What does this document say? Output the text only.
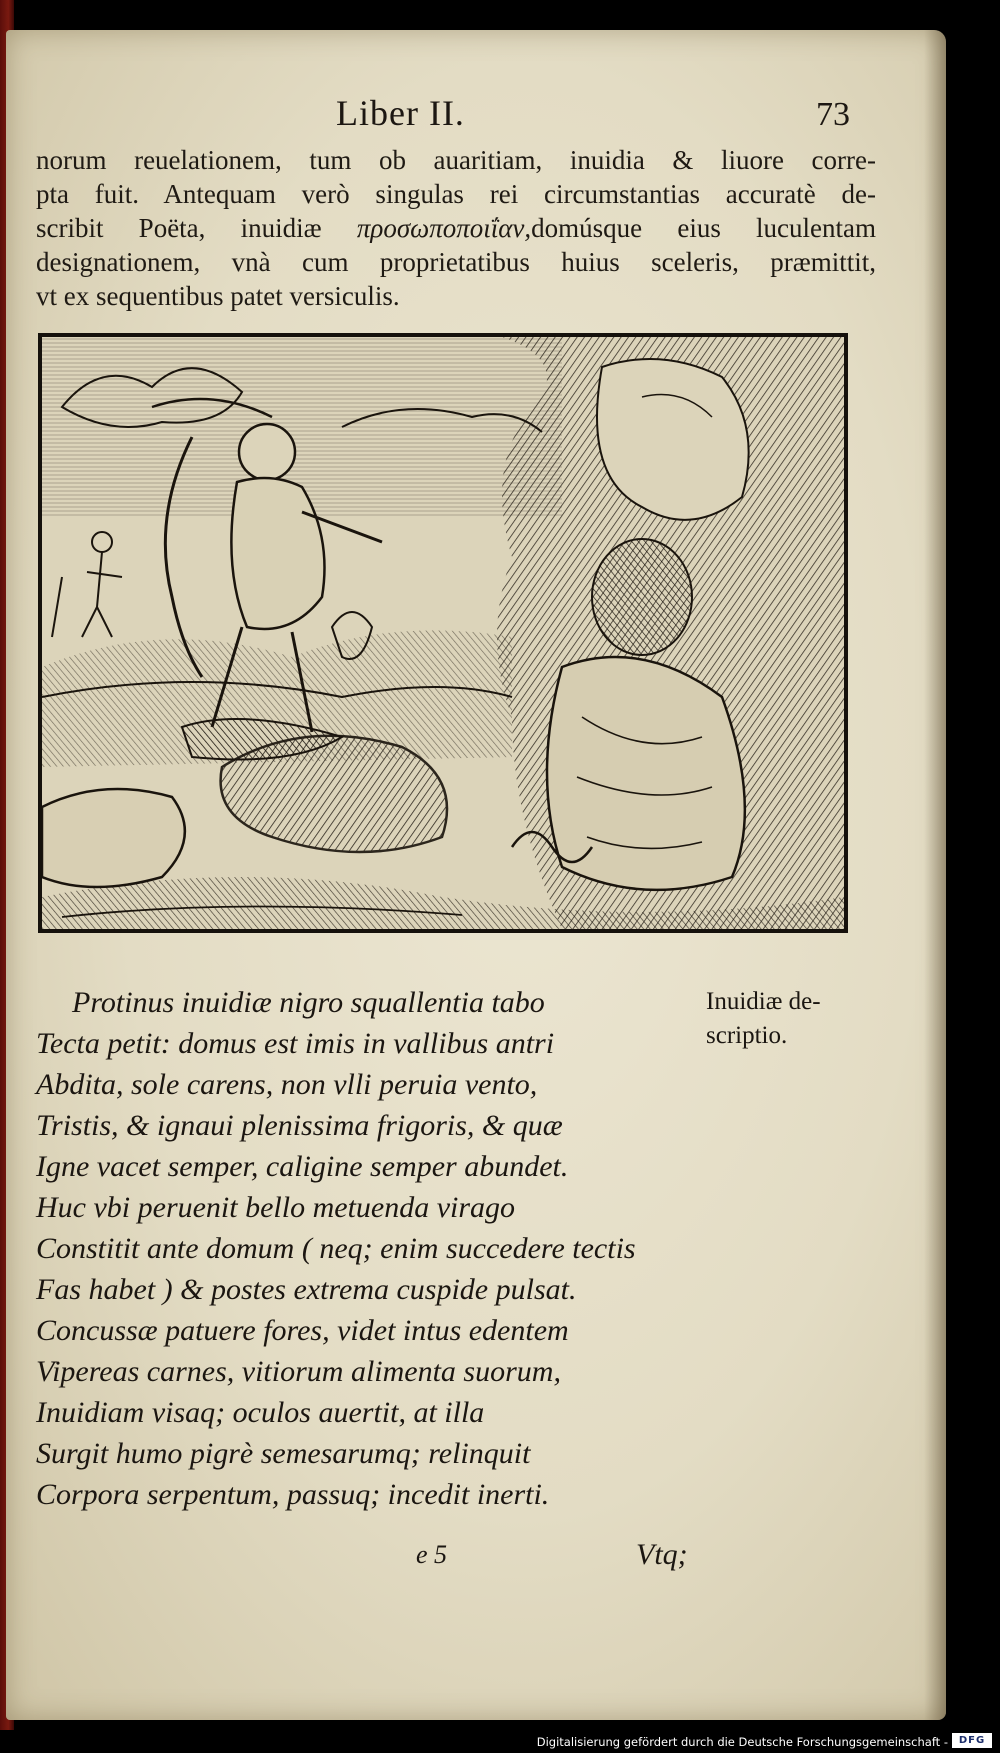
Liber II.	73
norum reuelationem, tum ob auaritiam, inuidia & liuore corre-
pta fuit. Antequam verò singulas rei circumstantias accuratè de-
scribit Poëta, inuidiæ προσωποποιΐαν,domúsque eius luculentam
designationem, vnà cum proprietatibus huius sceleris, præmittit,
vt ex sequentibus patet versiculis.
Protinus inuidiæ nigro squallentia tabo
Tecta petit: domus est imis in vallibus antri
Abdita, sole carens, non vlli peruia vento,
Tristis, & ignaui plenissima frigoris, & quæ
Igne vacet semper, caligine semper abundet.
Huc vbi peruenit bello metuenda virago
Constitit ante domum ( neq; enim succedere tectis
Fas habet ) & postes extrema cuspide pulsat.
Concussæ patuere fores, videt intus edentem
Vipereas carnes, vitiorum alimenta suorum,
Inuidiam visaq; oculos auertit, at illa
Surgit humo pigrè semesarumq; relinquit
Corpora serpentum, passuq; incedit inerti.
Inuidiæ de-
scriptio.
e 5	Vtq;
Digitalisierung gefördert durch die Deutsche Forschungsgemeinschaft -	DFG
